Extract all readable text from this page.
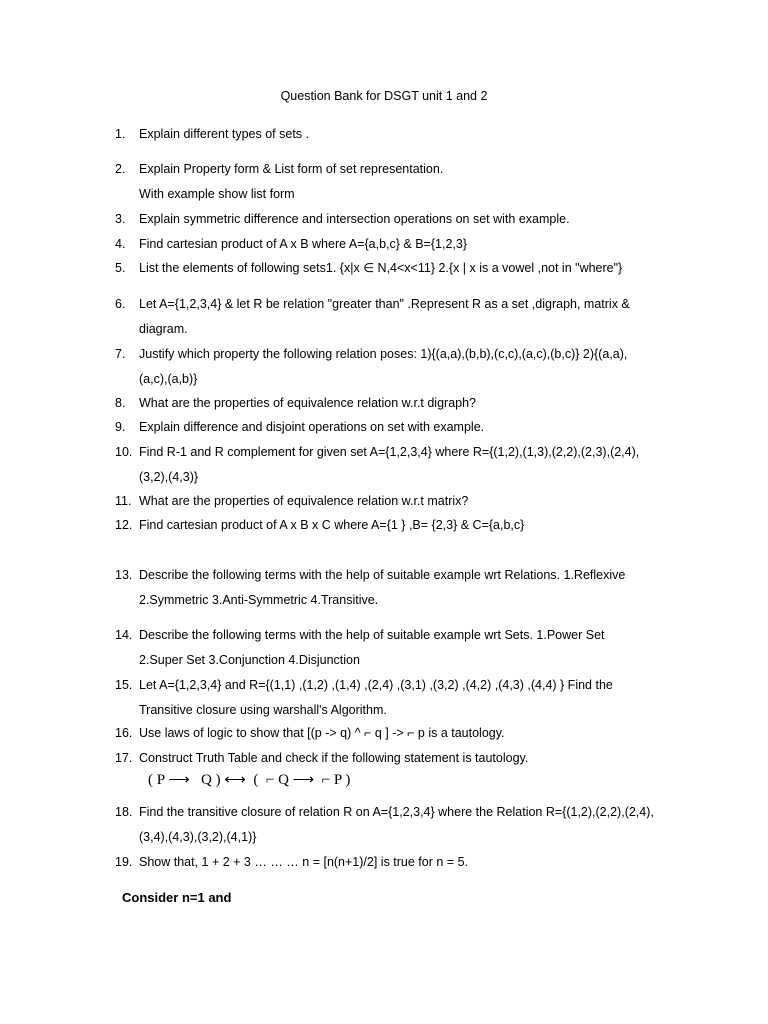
Question Bank for DSGT unit 1 and 2
1.	Explain different types of sets .
2.	Explain Property form & List form of set representation.
With example show list form
3.	Explain symmetric difference and intersection operations on set with example.
4.	Find cartesian product of A x B where A={a,b,c} & B={1,2,3}
5.	List the elements of following sets1. {x|x ∈ N,4<x<11} 2.{x | x is a vowel ,not in "where"}
6.	Let A={1,2,3,4} & let R be relation "greater than" .Represent R as a set ,digraph, matrix &
diagram.
7.	Justify which property the following relation poses: 1){(a,a),(b,b),(c,c),(a,c),(b,c)} 2){(a,a),
(a,c),(a,b)}
8.	What are the properties of equivalence relation w.r.t digraph?
9.	Explain difference and disjoint operations on set with example.
10. Find R-1 and R complement for given set A={1,2,3,4} where R={(1,2),(1,3),(2,2),(2,3),(2,4),
(3,2),(4,3)}
11. What are the properties of equivalence relation w.r.t matrix?
12. Find cartesian product of A x B x C where A={1 } ,B= {2,3} & C={a,b,c}
13. Describe the following terms with the help of suitable example wrt Relations. 1.Reflexive
2.Symmetric 3.Anti-Symmetric 4.Transitive.
14. Describe the following terms with the help of suitable example wrt Sets. 1.Power Set
2.Super Set 3.Conjunction 4.Disjunction
15. Let A={1,2,3,4} and R={(1,1) ,(1,2) ,(1,4) ,(2,4) ,(3,1) ,(3,2) ,(4,2) ,(4,3) ,(4,4) } Find the
Transitive closure using warshall's Algorithm.
16. Use laws of logic to show that [(p -> q) ^ ⌐ q ] -> ⌐ p is a tautology.
17. Construct Truth Table and check if the following statement is tautology.
18. Find the transitive closure of relation R on A={1,2,3,4} where the Relation R={(1,2),(2,2),(2,4),
(3,4),(4,3),(3,2),(4,1)}
19. Show that, 1 + 2 + 3 … … … n = [n(n+1)/2] is true for n = 5.
( P ⟶   Q ) ⟷  (  ⌐ Q ⟶  ⌐ P )
Consider n=1 and
